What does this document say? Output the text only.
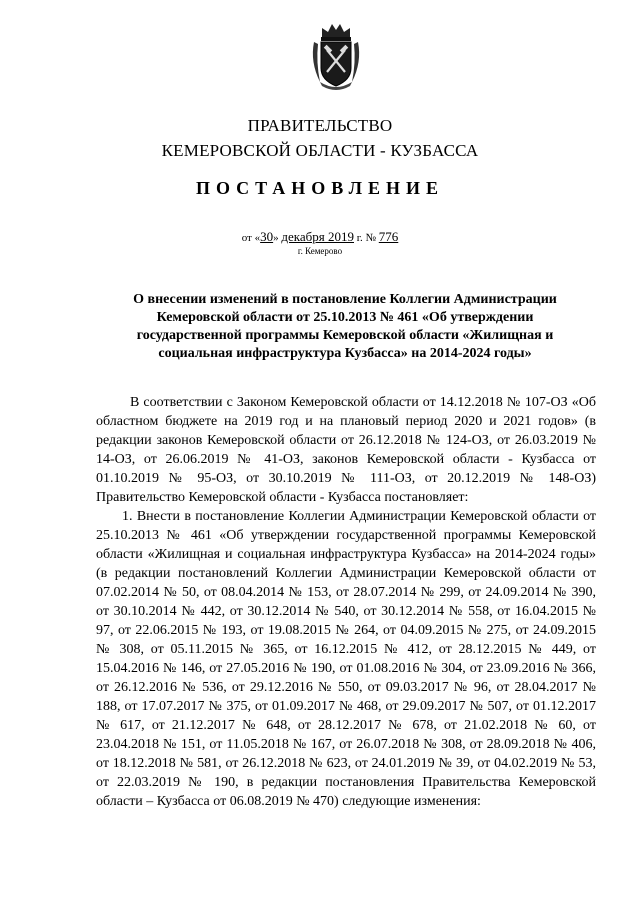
ПРАВИТЕЛЬСТВО
КЕМЕРОВСКОЙ ОБЛАСТИ - КУЗБАССА
ПОСТАНОВЛЕНИЕ
от «30» декабря 2019 г. № 776
г. Кемерово
О внесении изменений в постановление Коллегии Администрации Кемеровской области от 25.10.2013 № 461 «Об утверждении государственной программы Кемеровской области «Жилищная и социальная инфраструктура Кузбасса» на 2014-2024 годы»

В соответствии с Законом Кемеровской области от 14.12.2018 № 107-ОЗ «Об областном бюджете на 2019 год и на плановый период 2020 и 2021 годов» (в редакции законов Кемеровской области от 26.12.2018 № 124-ОЗ, от 26.03.2019 № 14-ОЗ, от 26.06.2019 № 41-ОЗ, законов Кемеровской области - Кузбасса от 01.10.2019 № 95-ОЗ, от 30.10.2019 № 111-ОЗ, от 20.12.2019 № 148-ОЗ) Правительство Кемеровской области - Кузбасса постановляет:

1. Внести в постановление Коллегии Администрации Кемеровской области от 25.10.2013 № 461 «Об утверждении государственной программы Кемеровской области «Жилищная и социальная инфраструктура Кузбасса» на 2014-2024 годы» (в редакции постановлений Коллегии Администрации Кемеровской области от 07.02.2014 № 50, от 08.04.2014 № 153, от 28.07.2014 № 299, от 24.09.2014 № 390, от 30.10.2014 № 442, от 30.12.2014 № 540, от 30.12.2014 № 558, от 16.04.2015 № 97, от 22.06.2015 № 193, от 19.08.2015 № 264, от 04.09.2015 № 275, от 24.09.2015 № 308, от 05.11.2015 № 365, от 16.12.2015 № 412, от 28.12.2015 № 449, от 15.04.2016 № 146, от 27.05.2016 № 190, от 01.08.2016 № 304, от 23.09.2016 № 366, от 26.12.2016 № 536, от 29.12.2016 № 550, от 09.03.2017 № 96, от 28.04.2017 № 188, от 17.07.2017 № 375, от 01.09.2017 № 468, от 29.09.2017 № 507, от 01.12.2017 № 617, от 21.12.2017 № 648, от 28.12.2017 № 678, от 21.02.2018 № 60, от 23.04.2018 № 151, от 11.05.2018 № 167, от 26.07.2018 № 308, от 28.09.2018 № 406, от 18.12.2018 № 581, от 26.12.2018 № 623, от 24.01.2019 № 39, от 04.02.2019 № 53, от 22.03.2019 № 190, в редакции постановления Правительства Кемеровской области – Кузбасса от 06.08.2019 № 470) следующие изменения:
